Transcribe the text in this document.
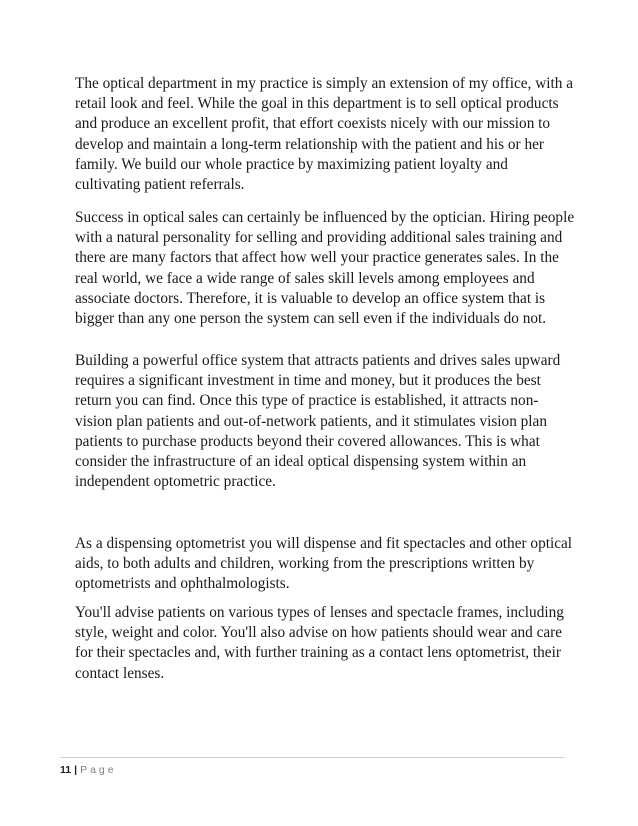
The optical department in my practice is simply an extension of my office, with a retail look and feel. While the goal in this department is to sell optical products and produce an excellent profit, that effort coexists nicely with our mission to develop and maintain a long-term relationship with the patient and his or her family. We build our whole practice by maximizing patient loyalty and cultivating patient referrals.

Success in optical sales can certainly be influenced by the optician. Hiring people with a natural personality for selling and providing additional sales training and there are many factors that affect how well your practice generates sales. In the real world, we face a wide range of sales skill levels among employees and associate doctors. Therefore, it is valuable to develop an office system that is bigger than any one person the system can sell even if the individuals do not.

Building a powerful office system that attracts patients and drives sales upward requires a significant investment in time and money, but it produces the best return you can find. Once this type of practice is established, it attracts non-vision plan patients and out-of-network patients, and it stimulates vision plan patients to purchase products beyond their covered allowances. This is what consider the infrastructure of an ideal optical dispensing system within an independent optometric practice.

As a dispensing optometrist you will dispense and fit spectacles and other optical aids, to both adults and children, working from the prescriptions written by optometrists and ophthalmologists.

You'll advise patients on various types of lenses and spectacle frames, including style, weight and color. You'll also advise on how patients should wear and care for their spectacles and, with further training as a contact lens optometrist, their contact lenses.

11 | Page
